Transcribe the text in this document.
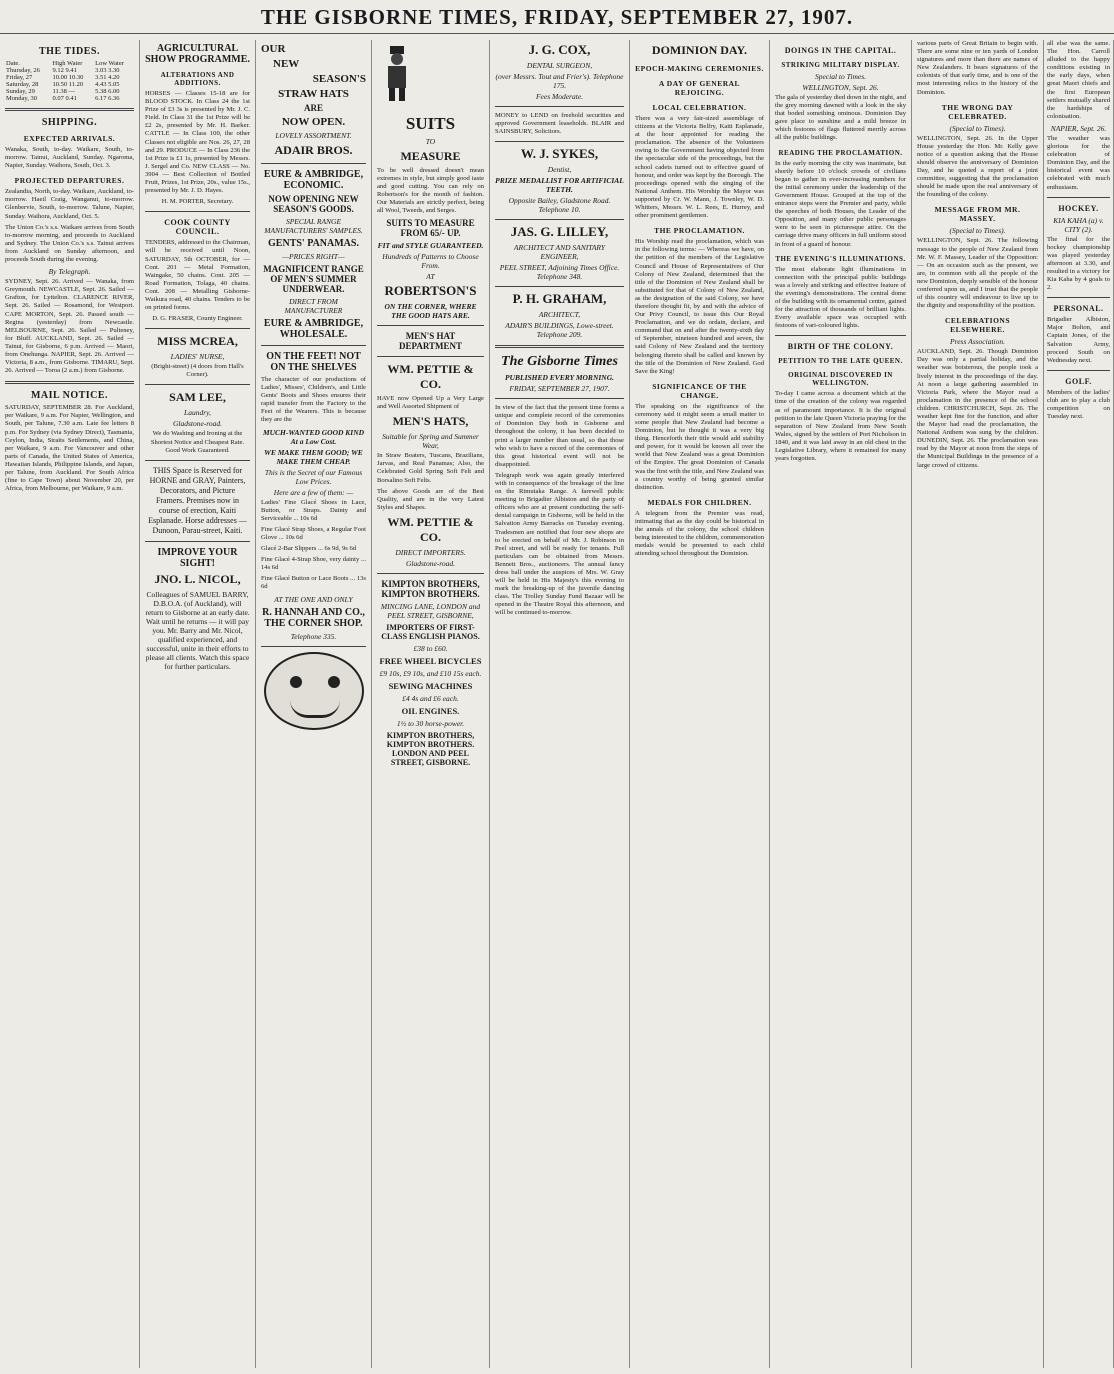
THE GISBORNE TIMES, FRIDAY, SEPTEMBER 27, 1907.
THE TIDES.
Date.	High Water	Low Water
Thursday, 26	9.12 9.41	3.03 3.30
Friday, 27	10.00 10.30	3.51 4.20
Saturday, 28	10.50 11.20	4.43 5.05
Sunday, 29	11.38 —	5.38 6.00
Monday, 30	0.07 0.41	6.17 6.36
SHIPPING.
EXPECTED ARRIVALS.

Wanaka, South, to-day. Waikare, South, to-morrow. Tainui, Auckland, Sunday. Ngaroma, Napier, Sunday. Waihora, South, Oct. 3.

PROJECTED DEPARTURES.

Zealandia, North, to-day. Waikare, Auckland, to-morrow. Haeil Craig, Wanganui, to-morrow. Glenbervie, South, to-morrow. Talune, Napier, Sunday. Waihora, Auckland, Oct. 5.

The Union Co.'s s.s. Waikare arrives from South to-morrow morning, and proceeds to Auckland and Sydney. The Union Co.'s s.s. Tainui arrives from Auckland on Sunday afternoon, and proceeds South during the evening.

By Telegraph.

SYDNEY, Sept. 26. Arrived — Wanaka, from Greymouth. NEWCASTLE, Sept. 26. Sailed — Grafton, for Lyttelton. CLARENCE RIVER, Sept. 26. Sailed — Rosamond, for Westport. CAPE MORTON, Sept. 26. Passed south — Regina (yesterday) from Newcastle. MELBOURNE, Sept. 26. Sailed — Pulteney, for Bluff. AUCKLAND, Sept. 26. Sailed — Tainui, for Gisborne, 6 p.m. Arrived — Maori, from Onehunga. NAPIER, Sept. 26. Arrived — Victoria, 8 a.m., from Gisborne. TIMARU, Sept. 26. Arrived — Toroa (2 a.m.) from Gisborne.

MAIL NOTICE.

SATURDAY, SEPTEMBER 28. For Auckland, per Waikare, 9 a.m. For Napier, Wellington, and South, per Talune, 7.30 a.m. Late fee letters 8 p.m. For Sydney (via Sydney Direct), Tasmania, Ceylon, India, Straits Settlements, and China, per Waikare, 9 a.m. For Vancouver and other parts of Canada, the United States of America, Hawaiian Islands, Philippine Islands, and Japan, per Talune, from Auckland. For South Africa (fine to Cape Town) about November 20, per Africa, from Melbourne, per Waikare, 9 a.m.

AGRICULTURAL SHOW PROGRAMME.
ALTERATIONS AND ADDITIONS.

HORSES — Classes 15-18 are for BLOOD STOCK. In Class 24 the 1st Prize of £3 3s is presented by Mr. J. C. Field. In Class 31 the 1st Prize will be £2 2s, presented by Mr. H. Barker. CATTLE — In Class 100, the other Classes not eligible are Nos. 26, 27, 28 and 29. PRODUCE — In Class 236 the 1st Prize is £1 1s, presented by Messrs. J. Sergel and Co. NEW CLASS — No. 3904 — Best Collection of Bottled Fruit, Prizes, 1st Prize, 20s., value 15s., presented by Mr. J. D. Hayes.

H. M. PORTER, Secretary.

COOK COUNTY COUNCIL.

TENDERS, addressed to the Chairman, will be received until Noon, SATURDAY, 5th OCTOBER, for — Cont. 201 — Metal Formation, Waingake, 50 chains. Cont. 205 — Road Formation, Tolaga, 40 chains. Cont. 208 — Metalling Gisborne-Waikura road, 40 chains. Tenders to be on printed forms.

D. G. FRASER, County Engineer.

MISS MCREA,
LADIES' NURSE,

(Bright-street) (4 doors from Hall's Corner).

SAM LEE,
Laundry,
Gladstone-road.

We do Washing and Ironing at the Shortest Notice and Cheapest Rate. Good Work Guaranteed.

THIS Space is Reserved for HORNE and GRAY, Painters, Decorators, and Picture Framers. Premises now in course of erection, Kaiti Esplanade. Horse addresses — Dunoon, Parau-street, Kaiti.

IMPROVE YOUR SIGHT!
JNO. L. NICOL,

Colleagues of SAMUEL BARRY, D.B.O.A. (of Auckland), will return to Gisborne at an early date. Wait until he returns — it will pay you. Mr. Barry and Mr. Nicol, qualified experienced, and successful, unite in their efforts to please all clients. Watch this space for further particulars.

OUR
NEW
SEASON'S
STRAW HATS
ARE
NOW OPEN.
LOVELY ASSORTMENT.
ADAIR BROS.
EURE & AMBRIDGE, ECONOMIC.
NOW OPENING NEW SEASON'S GOODS.
SPECIAL RANGE MANUFACTURERS' SAMPLES.
GENTS' PANAMAS.
—PRICES RIGHT—
MAGNIFICENT RANGE OF MEN'S SUMMER UNDERWEAR.
DIRECT FROM MANUFACTURER
EURE & AMBRIDGE, WHOLESALE.
ON THE FEET! NOT ON THE SHELVES

The character of our productions of Ladies', Misses', Children's, and Little Gents' Boots and Shoes ensures their rapid transfer from the Factory to the Feet of the Wearers. This is because they are the

MUCH-WANTED GOOD KIND At a Low Cost.
WE MAKE THEM GOOD; WE MAKE THEM CHEAP.
This is the Secret of our Famous Low Prices.
Here are a few of them: —

Ladies' Fine Glacé Shoes in Lace, Button, or Straps. Dainty and Serviceable ... 10s 6d

Fine Glacé Strap Shoes, a Regular Foot Glove ... 10s 6d

Glacé 2-Bar Slippers ... 6s 9d, 9s 6d

Fine Glacé 4-Strap Shoe, very dainty ... 14s 6d

Fine Glacé Button or Lace Boots ... 13s 6d

AT THE ONE AND ONLY
R. HANNAH AND CO., THE CORNER SHOP.
Telephone 335.
SUITS
TO
MEASURE

To be well dressed doesn't mean extremes in style, but simply good taste and good cutting. You can rely on Robertson's for the month of fashion. Our Materials are strictly perfect, being all Wool, Tweeds, and Serges.

SUITS TO MEASURE FROM 65/- UP.
FIT and STYLE GUARANTEED.
Hundreds of Patterns to Choose From.
AT
ROBERTSON'S
ON THE CORNER, WHERE THE GOOD HATS ARE.
MEN'S HAT DEPARTMENT
WM. PETTIE & CO.

HAVE now Opened Up a Very Large and Well Assorted Shipment of

MEN'S HATS,
Suitable for Spring and Summer Wear,

In Straw Boaters, Tuscans, Brazilians, Jarvas, and Real Panamas; Also, the Celebrated Gold Spring Soft Felt and Borsalino Soft Felts.

The above Goods are of the Best Quality, and are in the very Latest Styles and Shapes.

WM. PETTIE & CO.
DIRECT IMPORTERS.
Gladstone-road.
KIMPTON BROTHERS, KIMPTON BROTHERS.
MINCING LANE, LONDON and PEEL STREET, GISBORNE,
IMPORTERS OF FIRST-CLASS ENGLISH PIANOS.
£38 to £60.
FREE WHEEL BICYCLES
£9 10s, £9 10s, and £10 15s each.
SEWING MACHINES
£4 4s and £6 each.
OIL ENGINES.
1½ to 30 horse-power.
KIMPTON BROTHERS, KIMPTON BROTHERS. LONDON AND PEEL STREET, GISBORNE.
J. G. COX,
DENTAL SURGEON,
(over Messrs. Tout and Frier's). Telephone 175.
Fees Moderate.

MONEY to LEND on freehold securities and approved Government leaseholds. BLAIR and SAINSBURY, Solicitors.

W. J. SYKES,
Dentist,
PRIZE MEDALLIST FOR ARTIFICIAL TEETH.
Opposite Bailey, Gladstone Road. Telephone 10.
JAS. G. LILLEY,
ARCHITECT AND SANITARY ENGINEER,
PEEL STREET, Adjoining Times Office. Telephone 348.
P. H. GRAHAM,
ARCHITECT,
ADAIR'S BUILDINGS, Lowe-street. Telephone 209.
The Gisborne Times
PUBLISHED EVERY MORNING.
FRIDAY, SEPTEMBER 27, 1907.

In view of the fact that the present time forms a unique and complete record of the ceremonies of Dominion Day both in Gisborne and throughout the colony, it has been decided to print a larger number than usual, so that those who wish to have a record of the ceremonies of this great historical event will not be disappointed.

Telegraph work was again greatly interfered with in consequence of the breakage of the line on the Rimutaka Range. A farewell public meeting to Brigadier Albiston and the party of officers who are at present conducting the self-denial campaign in Gisborne, will be held in the Salvation Army Barracks on Tuesday evening. Tradesmen are notified that four new shops are to be erected on behalf of Mr. J. Robinson in Peel street, and will be ready for tenants. Full particulars can be obtained from Messrs. Bennett Bros., auctioneers. The annual fancy dress ball under the auspices of Mrs. W. Gray will be held in His Majesty's this evening to mark the breaking-up of the juvenile dancing class. The Trolley Sunday Fund Bazaar will be opened in the Theatre Royal this afternoon, and will be continued to-morrow.

DOMINION DAY.
EPOCH-MAKING CEREMONIES.
A DAY OF GENERAL REJOICING.
LOCAL CELEBRATION.

There was a very fair-sized assemblage of citizens at the Victoria Belfry, Kaiti Esplanade, at the hour appointed for reading the proclamation. The absence of the Volunteers owing to the Government having objected from the spectacular side of the proceedings, but the school cadets turned out to effective guard of honour, and order was kept by the Borough. The proceedings opened with the singing of the National Anthem. His Worship the Mayor was supported by Cr. W. Mann, J. Townley, W. D. Whitters, Messrs. W. L. Rees, E. Hurrey, and other prominent gentlemen.

THE PROCLAMATION.

His Worship read the proclamation, which was in the following terms: — Whereas we have, on the petition of the members of the Legislative Council and House of Representatives of Our Colony of New Zealand, determined that the title of the Dominion of New Zealand shall be substituted for that of Colony of New Zealand, as the designation of the said Colony, we have therefore thought fit, by and with the advice of Our Privy Council, to issue this Our Royal Proclamation, and we do ordain, declare, and command that on and after the twenty-sixth day of September, nineteen hundred and seven, the said Colony of New Zealand and the territory belonging thereto shall be called and known by the title of the Dominion of New Zealand. God Save the King!

SIGNIFICANCE OF THE CHANGE.

The speaking on the significance of the ceremony said it might seem a small matter to some people that New Zealand had become a Dominion, but he thought it was a very big thing. Henceforth their title would add stability and power, for it would be known all over the world that New Zealand was a great Dominion of the Empire. The great Dominion of Canada was the first with the title, and New Zealand was a country worthy of being granted similar distinction.

MEDALS FOR CHILDREN.

A telegram from the Premier was read, intimating that as the day could be historical in the annals of the colony, the school children being interested to the children, commemoration medals would be presented to each child attending school throughout the Dominion.

DOINGS IN THE CAPITAL.
STRIKING MILITARY DISPLAY.
Special to Times.
WELLINGTON, Sept. 26.

The gala of yesterday died down in the night, and the grey morning dawned with a look in the sky that boded something ominous. Dominion Day gave place to sunshine and a mild breeze in which festoons of flags fluttered merrily across all the public buildings.

READING THE PROCLAMATION.

In the early morning the city was inanimate, but shortly before 10 o'clock crowds of civilians began to gather in ever-increasing numbers for the initial ceremony under the leadership of the Government House. Grouped at the top of the entrance steps were the Premier and party, while the speeches of both Houses, the Leader of the Opposition, and many other public personages were to be seen in picturesque attire. On the carriage drive many officers in full uniform stood in front of a guard of honour.

THE EVENING'S ILLUMINATIONS.

The most elaborate light illuminations in connection with the principal public buildings was a lovely and striking and effective feature of the evening's demonstrations. The central dome of the building with its ornamental centre, gained for the attraction of thousands of brilliant lights. Every available space was occupied with festoons of vari-coloured lights.

BIRTH OF THE COLONY.
PETITION TO THE LATE QUEEN.
ORIGINAL DISCOVERED IN WELLINGTON.

To-day I came across a document which at the time of the creation of the colony was regarded as of paramount importance. It is the original petition to the late Queen Victoria praying for the separation of New Zealand from New South Wales, signed by the settlers of Port Nicholson in 1840, and it was laid away in an old chest in the Legislative Library, where it remained for many years forgotten.

various parts of Great Britain to begin with. There are some nine or ten yards of London signatures and more than there are names of New Zealanders. It bears signatures of the colonists of that early time, and is one of the most interesting relics in the history of the Dominion.

THE WRONG DAY CELEBRATED.
(Special to Times).

WELLINGTON, Sept. 26. In the Upper House yesterday the Hon. Mr. Kelly gave notice of a question asking that the House should observe the anniversary of Dominion Day, and he quoted a report of a joint committee, suggesting that the proclamation should be made upon the real anniversary of the founding of the colony.

MESSAGE FROM MR. MASSEY.
(Special to Times).

WELLINGTON, Sept. 26. The following message to the people of New Zealand from Mr. W. F. Massey, Leader of the Opposition: — On an occasion such as the present, we are, in common with all the people of the new Dominion, deeply sensible of the honour conferred upon us, and I trust that the people of this country will endeavour to live up to the dignity and responsibility of the position.

CELEBRATIONS ELSEWHERE.
Press Association.

AUCKLAND, Sept. 26. Though Dominion Day was only a partial holiday, and the weather was boisterous, the people took a lively interest in the proceedings of the day. At noon a large gathering assembled in Victoria Park, where the Mayor read a proclamation in the presence of the school children. CHRISTCHURCH, Sept. 26. The weather kept fine for the function, and after the Mayor had read the proclamation, the National Anthem was sung by the children. DUNEDIN, Sept. 26. The proclamation was read by the Mayor at noon from the steps of the Municipal Buildings in the presence of a large crowd of citizens.

all else was the same. The Hon. Carroll alluded to the happy conditions existing in the early days, when great Maori chiefs and the first European settlers mutually shared the hardships of colonisation.

NAPIER, Sept. 26.

The weather was glorious for the celebration of Dominion Day, and the historical event was celebrated with much enthusiasm.

HOCKEY.
KIA KAHA (a) v. CITY (2).

The final for the hockey championship was played yesterday afternoon at 3.30, and resulted in a victory for Kia Kaha by 4 goals to 2.

PERSONAL.

Brigadier Albiston, Major Bolton, and Captain Jones, of the Salvation Army, proceed South on Wednesday next.

GOLF.

Members of the ladies' club are to play a club competition on Tuesday next.
